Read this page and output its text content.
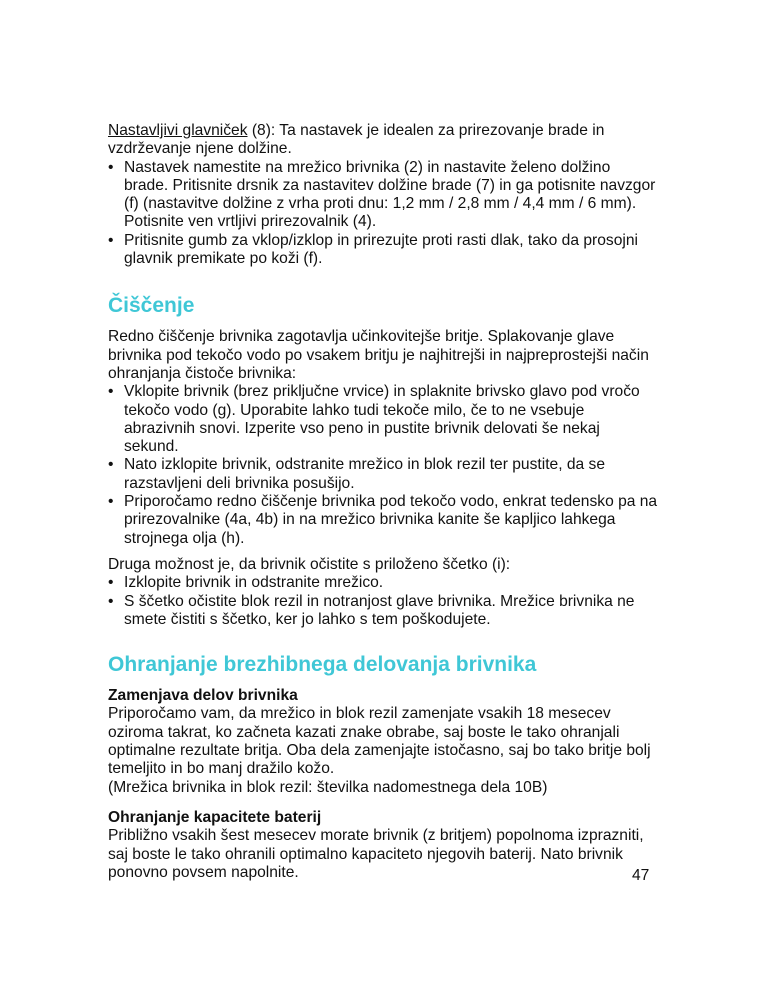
Nastavljivi glavniček (8): Ta nastavek je idealen za prirezovanje brade in vzdrževanje njene dolžine.

• Nastavek namestite na mrežico brivnika (2) in nastavite želeno dolžino brade. Pritisnite drsnik za nastavitev dolžine brade (7) in ga potisnite navzgor (f) (nastavitve dolžine z vrha proti dnu: 1,2 mm / 2,8 mm / 4,4 mm / 6 mm). Potisnite ven vrtljivi prirezovalnik (4).
• Pritisnite gumb za vklop/izklop in prirezujte proti rasti dlak, tako da prosojni glavnik premikate po koži (f).
Čiščenje

Redno čiščenje brivnika zagotavlja učinkovitejše britje. Splakovanje glave brivnika pod tekočo vodo po vsakem britju je najhitrejši in najpreprostejši način ohranjanja čistoče brivnika:

• Vklopite brivnik (brez priključne vrvice) in splaknite brivsko glavo pod vročo tekočo vodo (g). Uporabite lahko tudi tekoče milo, če to ne vsebuje abrazivnih snovi. Izperite vso peno in pustite brivnik delovati še nekaj sekund.
• Nato izklopite brivnik, odstranite mrežico in blok rezil ter pustite, da se razstavljeni deli brivnika posušijo.
• Priporočamo redno čiščenje brivnika pod tekočo vodo, enkrat tedensko pa na prirezovalnike (4a, 4b) in na mrežico brivnika kanite še kapljico lahkega strojnega olja (h).

Druga možnost je, da brivnik očistite s priloženo ščetko (i):

• Izklopite brivnik in odstranite mrežico.
• S ščetko očistite blok rezil in notranjost glave brivnika. Mrežice brivnika ne smete čistiti s ščetko, ker jo lahko s tem poškodujete.
Ohranjanje brezhibnega delovanja brivnika
Zamenjava delov brivnika

Priporočamo vam, da mrežico in blok rezil zamenjate vsakih 18 mesecev oziroma takrat, ko začneta kazati znake obrabe, saj boste le tako ohranjali optimalne rezultate britja. Oba dela zamenjajte istočasno, saj bo tako britje bolj temeljito in bo manj dražilo kožo.

(Mrežica brivnika in blok rezil: številka nadomestnega dela 10B)

Ohranjanje kapacitete baterij

Približno vsakih šest mesecev morate brivnik (z britjem) popolnoma izprazniti, saj boste le tako ohranili optimalno kapaciteto njegovih baterij. Nato brivnik ponovno povsem napolnite.	47
